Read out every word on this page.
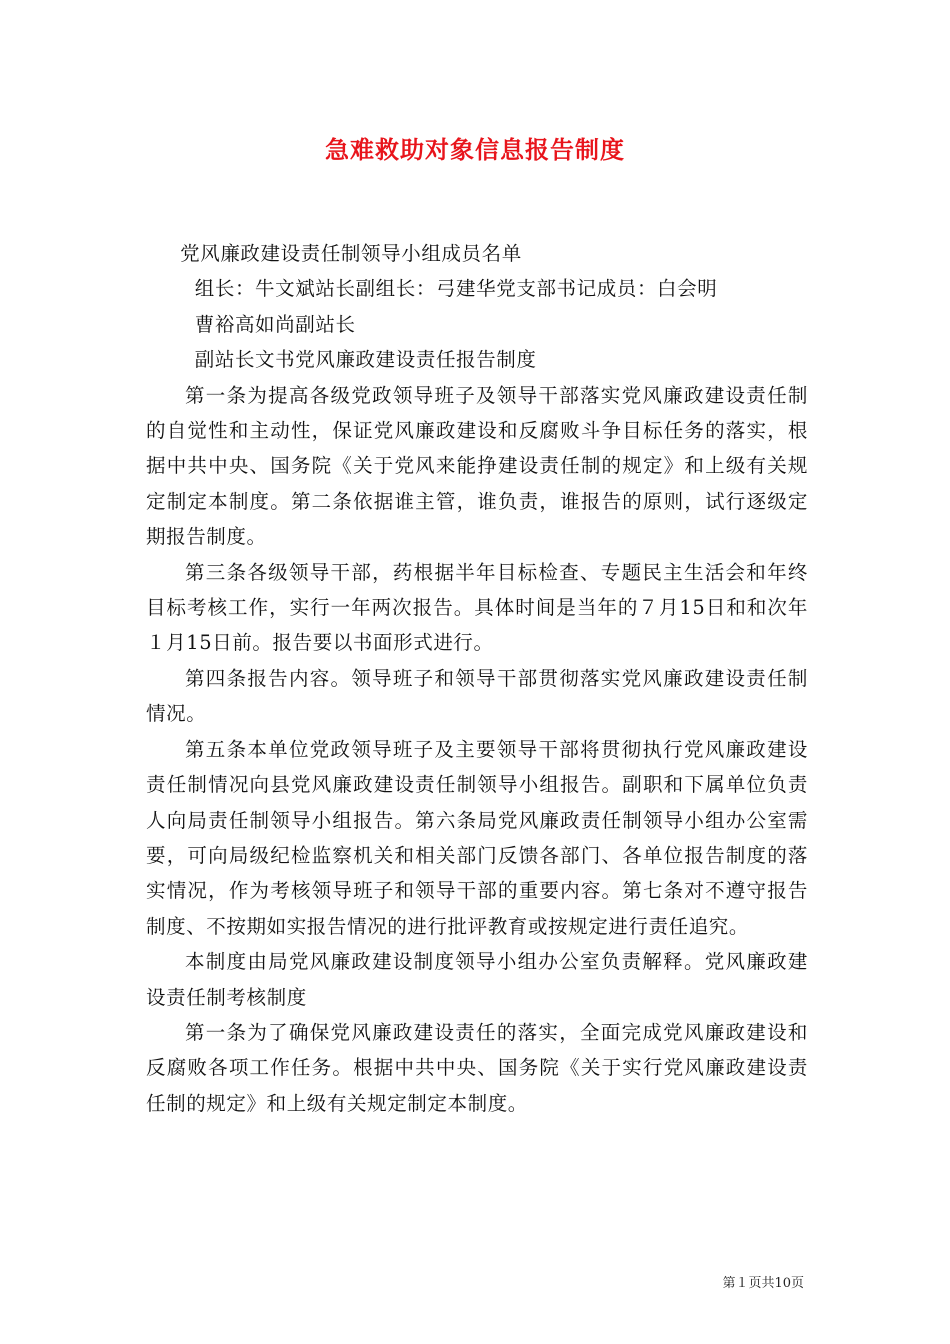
急难救助对象信息报告制度

党风廉政建设责任制领导小组成员名单

组长：牛文斌站长副组长：弓建华党支部书记成员：白会明

曹裕高如尚副站长

副站长文书党风廉政建设责任报告制度

第一条为提高各级党政领导班子及领导干部落实党风廉政建设责任制的自觉性和主动性，保证党风廉政建设和反腐败斗争目标任务的落实，根据中共中央、国务院《关于党风来能挣建设责任制的规定》和上级有关规定制定本制度。第二条依据谁主管，谁负责，谁报告的原则，试行逐级定期报告制度。

第三条各级领导干部，药根据半年目标检查、专题民主生活会和年终目标考核工作，实行一年两次报告。具体时间是当年的７月15日和和次年１月15日前。报告要以书面形式进行。

第四条报告内容。领导班子和领导干部贯彻落实党风廉政建设责任制情况。

第五条本单位党政领导班子及主要领导干部将贯彻执行党风廉政建设责任制情况向县党风廉政建设责任制领导小组报告。副职和下属单位负责人向局责任制领导小组报告。第六条局党风廉政责任制领导小组办公室需要，可向局级纪检监察机关和相关部门反馈各部门、各单位报告制度的落实情况，作为考核领导班子和领导干部的重要内容。第七条对不遵守报告制度、不按期如实报告情况的进行批评教育或按规定进行责任追究。

本制度由局党风廉政建设制度领导小组办公室负责解释。党风廉政建设责任制考核制度

第一条为了确保党风廉政建设责任的落实，全面完成党风廉政建设和反腐败各项工作任务。根据中共中央、国务院《关于实行党风廉政建设责任制的规定》和上级有关规定制定本制度。

第１页共10页
